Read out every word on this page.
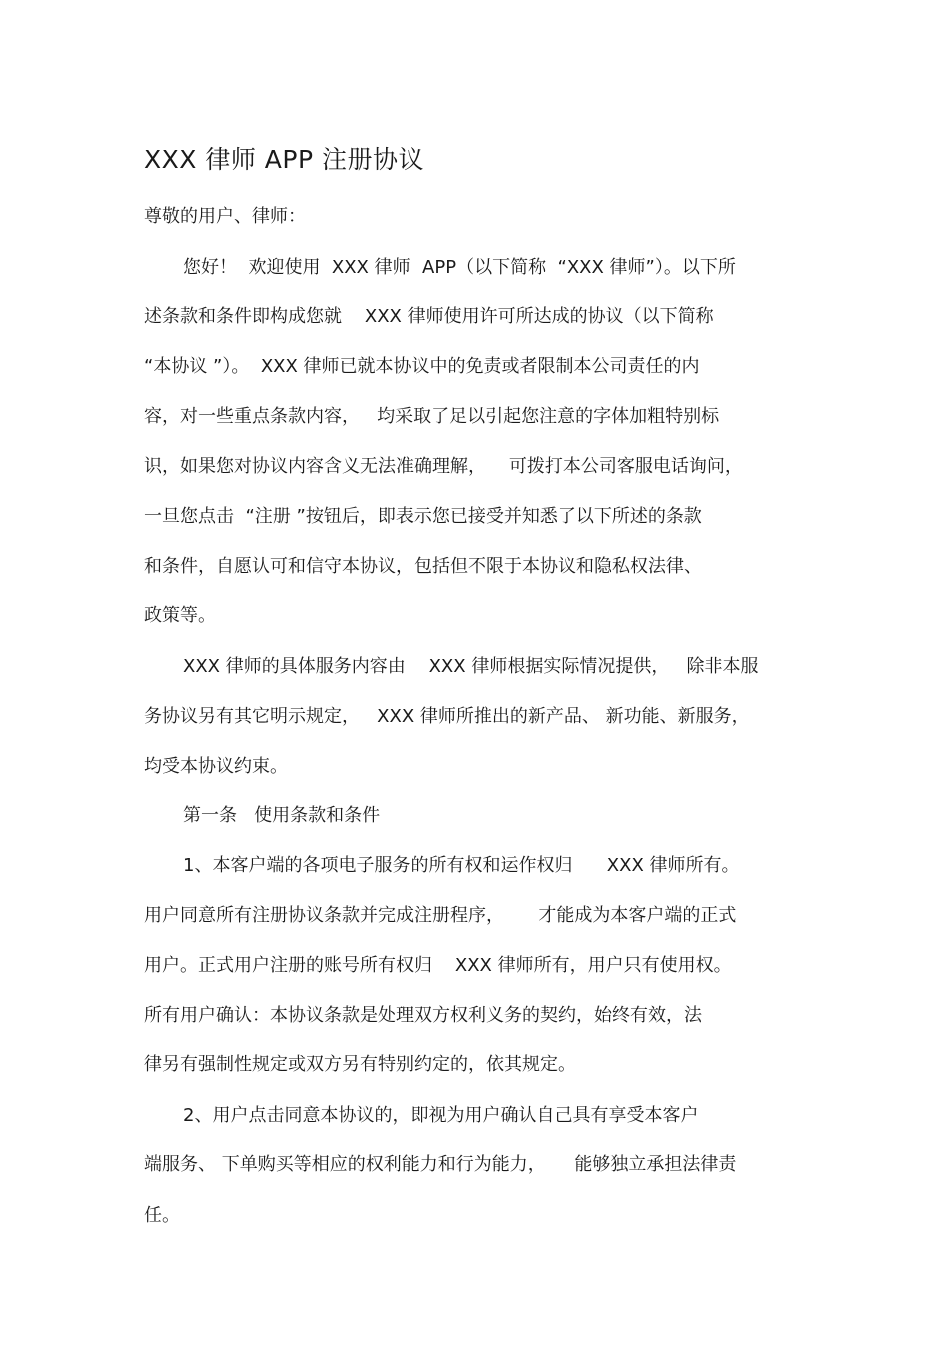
XXX 律师 APP 注册协议
尊敬的用户、律师：
您好！  欢迎使用  XXX 律师  APP（以下简称  “XXX 律师”）。以下所
述条款和条件即构成您就    XXX 律师使用许可所达成的协议（以下简称
“本协议 ”）。  XXX 律师已就本协议中的免责或者限制本公司责任的内
容，对一些重点条款内容，   均采取了足以引起您注意的字体加粗特别标
识，如果您对协议内容含义无法准确理解，    可拨打本公司客服电话询问，
一旦您点击  “注册 ”按钮后，即表示您已接受并知悉了以下所述的条款
和条件，自愿认可和信守本协议，包括但不限于本协议和隐私权法律、
政策等。
XXX 律师的具体服务内容由    XXX 律师根据实际情况提供，   除非本服
务协议另有其它明示规定，   XXX 律师所推出的新产品、 新功能、新服务，
均受本协议约束。
第一条   使用条款和条件
1、本客户端的各项电子服务的所有权和运作权归      XXX 律师所有。
用户同意所有注册协议条款并完成注册程序，      才能成为本客户端的正式
用户。正式用户注册的账号所有权归    XXX 律师所有，用户只有使用权。
所有用户确认：本协议条款是处理双方权利义务的契约，始终有效，法
律另有强制性规定或双方另有特别约定的，依其规定。
2、用户点击同意本协议的，即视为用户确认自己具有享受本客户
端服务、 下单购买等相应的权利能力和行为能力，     能够独立承担法律责
任。
